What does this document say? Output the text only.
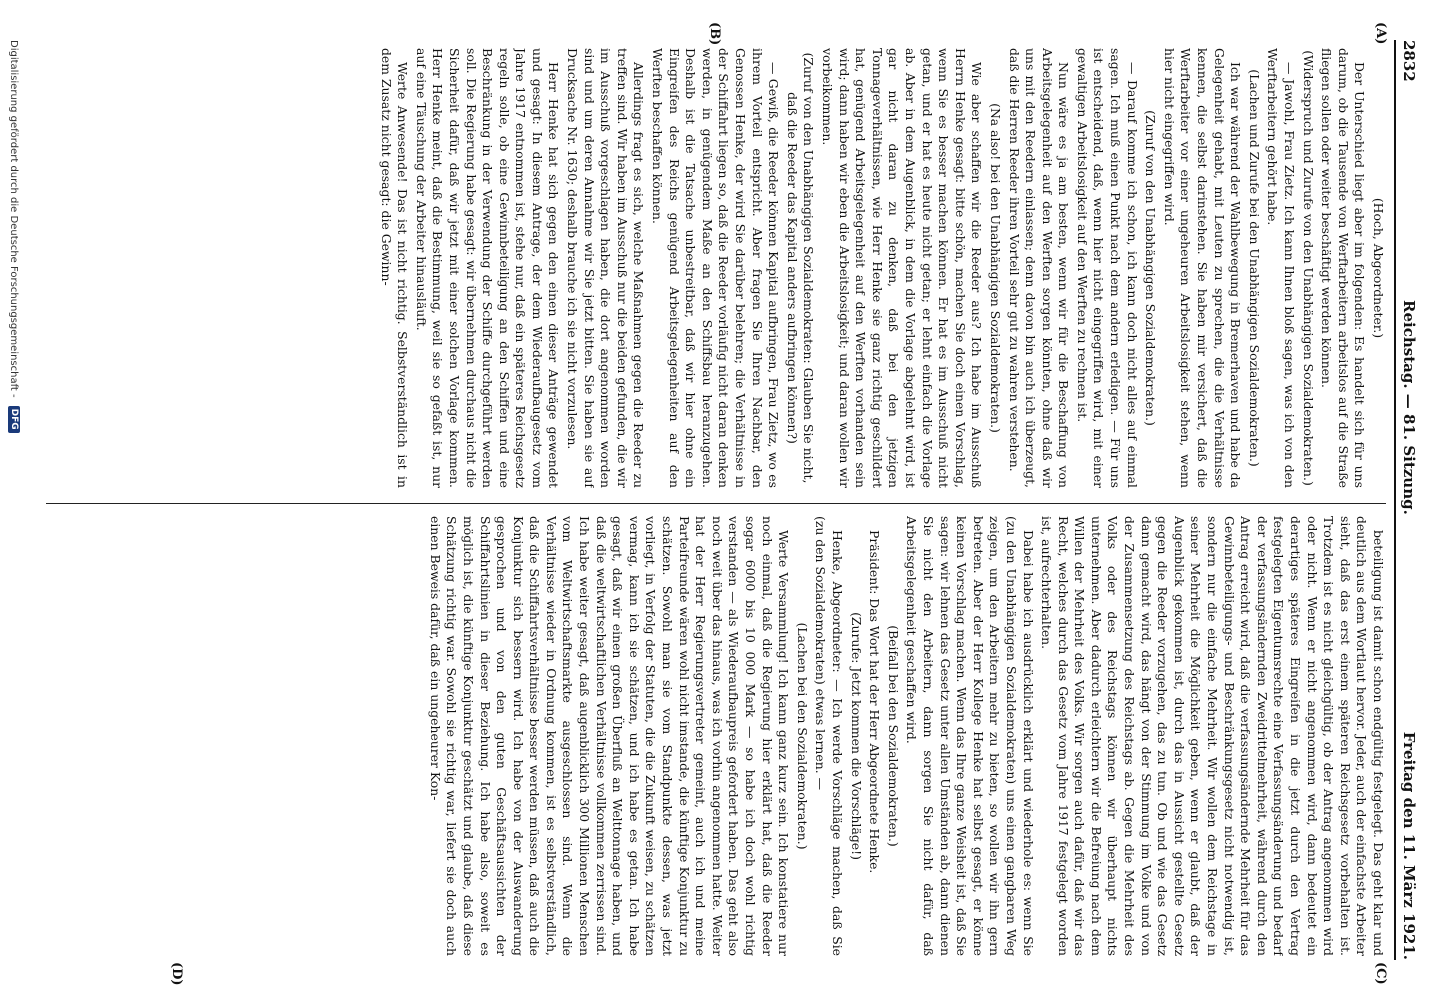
2832
Reichstag. — 81. Sitzung.
Freitag den 11. März 1921.
(A)
(B)
(C)
(D)

(Hoch, Abgeordneter.)

Der Unterschied liegt aber im folgenden: Es handelt sich für uns darum, ob die Tausende von Werftarbeitern arbeitslos auf die Straße fliegen sollen oder weiter beschäftigt werden können.

(Widerspruch und Zurufe von den Unabhängigen Sozialdemokraten.)

— Jawohl, Frau Zietz. Ich kann Ihnen bloß sagen, was ich von den Werftarbeitern gehört habe.

(Lachen und Zurufe bei den Unabhängigen Sozialdemokraten.)

Ich war während der Wahlbewegung in Bremerhaven und habe da Gelegenheit gehabt, mit Leuten zu sprechen, die die Verhältnisse kennen, die selbst darinstehen. Sie haben mir versichert, daß die Werftarbeiter vor einer ungeheuren Arbeitslosigkeit stehen, wenn hier nicht eingegriffen wird.

(Zuruf von den Unabhängigen Sozialdemokraten.)

— Darauf komme ich schon, ich kann doch nicht alles auf einmal sagen. Ich muß einen Punkt nach dem andern erledigen. — Für uns ist entscheidend, daß, wenn hier nicht eingegriffen wird, mit einer gewaltigen Arbeitslosigkeit auf den Werften zu rechnen ist.

Nun wäre es ja am besten, wenn wir für die Beschaffung von Arbeitsgelegenheit auf den Werften sorgen könnten, ohne daß wir uns mit den Reedern einlassen; denn davon bin auch ich überzeugt, daß die Herren Reeder ihren Vorteil sehr gut zu wahren verstehen.

(Na also! bei den Unabhängigen Sozialdemokraten.)

Wie aber schaffen wir die Reeder aus? Ich habe im Ausschuß Herrn Henke gesagt: bitte schön, machen Sie doch einen Vorschlag, wenn Sie es besser machen können. Er hat es im Ausschuß nicht getan, und er hat es heute nicht getan; er lehnt einfach die Vorlage ab. Aber in dem Augenblick, in dem die Vorlage abgelehnt wird, ist gar nicht daran zu denken, daß bei den jetzigen Tonnageverhältnissen, wie Herr Henke sie ganz richtig geschildert hat, genügend Arbeitsgelegenheit auf den Werften vorhanden sein wird; dann haben wir eben die Arbeitslosigkeit; und daran wollen wir vorbeikommen.

(Zuruf von den Unabhängigen Sozialdemokraten: Glauben Sie nicht, daß die Reeder das Kapital anders aufbringen können?)

— Gewiß, die Reeder können Kapital aufbringen, Frau Zietz, wo es ihrem Vorteil entspricht. Aber fragen Sie Ihren Nachbar, den Genossen Henke, der wird Sie darüber belehren; die Verhältnisse in der Schiffahrt liegen so, daß die Reeder vorläufig nicht daran denken werden, in genügendem Maße an den Schiffsbau heranzugehen. Deshalb ist die Tatsache unbestreitbar, daß wir hier ohne ein Eingreifen des Reichs genügend Arbeitsgelegenheiten auf den Werften beschaffen können.

Allerdings fragt es sich, welche Maßnahmen gegen die Reeder zu treffen sind. Wir haben im Ausschuß nur die beiden gefunden, die wir im Ausschuß vorgeschlagen haben, die dort angenommen worden sind und um deren Annahme wir Sie jetzt bitten. Sie haben sie auf Drucksache Nr. 1630; deshalb brauche ich sie nicht vorzulesen.

Herr Henke hat sich gegen den einen dieser Anträge gewendet und gesagt: In diesem Antrage, der dem Wiederaufbaugesetz vom Jahre 1917 entnommen ist, stehe nur, daß ein späteres Reichsgesetz regeln solle, ob eine Gewinnbeteiligung an den Schiffen und eine Beschränkung in der Verwendung der Schiffe durchgeführt werden soll. Die Regierung habe gesagt: wir übernehmen durchaus nicht die Sicherheit dafür, daß wir jetzt mit einer solchen Vorlage kommen. Herr Henke meint, daß die Bestimmung, weil sie so gefaßt ist, nur auf eine Täuschung der Arbeiter hinausläuft.

Werte Anwesende! Das ist nicht richtig. Selbstverständlich ist in dem Zusatz nicht gesagt: die Gewinn-

beteiligung ist damit schon endgültig festgelegt. Das geht klar und deutlich aus dem Wortlaut hervor. Jeder, auch der einfachste Arbeiter sieht, daß das erst einem späteren Reichsgesetz vorbehalten ist. Trotzdem ist es nicht gleichgültig, ob der Antrag angenommen wird oder nicht. Wenn er nicht angenommen wird, dann bedeutet ein derartiges späteres Eingreifen in die jetzt durch den Vertrag festgelegten Eigentumsrechte eine Verfassungsänderung und bedarf der verfassungsändernden Zweidrittelmehrheit, während durch den Antrag erreicht wird, daß die verfassungsändernde Mehrheit für das Gewinnbeteiligungs- und Beschränkungsgesetz nicht notwendig ist, sondern nur die einfache Mehrheit. Wir wollen dem Reichstage in seiner Mehrheit die Möglichkeit geben, wenn er glaubt, daß der Augenblick gekommen ist, durch das in Aussicht gestellte Gesetz gegen die Reeder vorzugehen, das zu tun. Ob und wie das Gesetz dann gemacht wird, das hängt von der Stimmung im Volke und von der Zusammensetzung des Reichstags ab. Gegen die Mehrheit des Volks oder des Reichstags können wir überhaupt nichts unternehmen. Aber dadurch erleichtern wir die Befreiung nach dem Willen der Mehrheit des Volks. Wir sorgen auch dafür, daß wir das Recht, welches durch das Gesetz vom Jahre 1917 festgelegt worden ist, aufrechterhalten.

Dabei habe ich ausdrücklich erklärt und wiederhole es: wenn Sie (zu den Unabhängigen Sozialdemokraten) uns einen gangbaren Weg zeigen, um den Arbeitern mehr zu bieten, so wollen wir ihn gern betreten. Aber der Herr Kollege Henke hat selbst gesagt, er könne keinen Vorschlag machen. Wenn das Ihre ganze Weisheit ist, daß Sie sagen: wir lehnen das Gesetz unter allen Umständen ab, dann dienen Sie nicht den Arbeitern, dann sorgen Sie nicht dafür, daß Arbeitsgelegenheit geschaffen wird.

(Beifall bei den Sozialdemokraten.)

Präsident: Das Wort hat der Herr Abgeordnete Henke.

(Zurufe: Jetzt kommen die Vorschläge!)

Henke, Abgeordneter: — Ich werde Vorschläge machen, daß Sie (zu den Sozialdemokraten) etwas lernen. —

(Lachen bei den Sozialdemokraten.)

Werte Versammlung! Ich kann ganz kurz sein. Ich konstatiere nur noch einmal, daß die Regierung hier erklärt hat, daß die Reeder sogar 6000 bis 10 000 Mark — so habe ich doch wohl richtig verstanden — als Wiederaufbaupreis gefordert haben. Das geht also noch weit über das hinaus, was ich vorhin angenommen hatte. Weiter hat der Herr Regierungsvertreter gemeint, auch ich und meine Parteifreunde wären wohl nicht imstande, die künftige Konjunktur zu schätzen. Sowohl man sie vom Standpunkte dessen, was jetzt vorliegt, in Verfolg der Statuten, die die Zukunft weisen, zu schätzen vermag, kann ich sie schätzen, und ich habe es getan. Ich habe gesagt, daß wir einen großen Überfluß an Welttonnage haben, und daß die weltwirtschaftlichen Verhältnisse vollkommen zerrissen sind. Ich habe weiter gesagt, daß augenblicklich 300 Millionen Menschen vom Weltwirtschaftsmarkte ausgeschlossen sind. Wenn die Verhältnisse wieder in Ordnung kommen, ist es selbstverständlich, daß die Schiffahrtsverhältnisse besser werden müssen, daß auch die Konjunktur sich bessern wird. Ich habe von der Auswanderung gesprochen und von den guten Geschäftsaussichten der Schiffahrtslinien in dieser Beziehung. Ich habe also, soweit es möglich ist, die künftige Konjunktur geschätzt und glaube, daß diese Schätzung richtig war. Sowohl sie richtig war, liefert sie doch auch einen Beweis dafür, daß ein ungeheurer Kon-

Digitalisierung gefördert durch die Deutsche Forschungsgemeinschaft -
DFG
